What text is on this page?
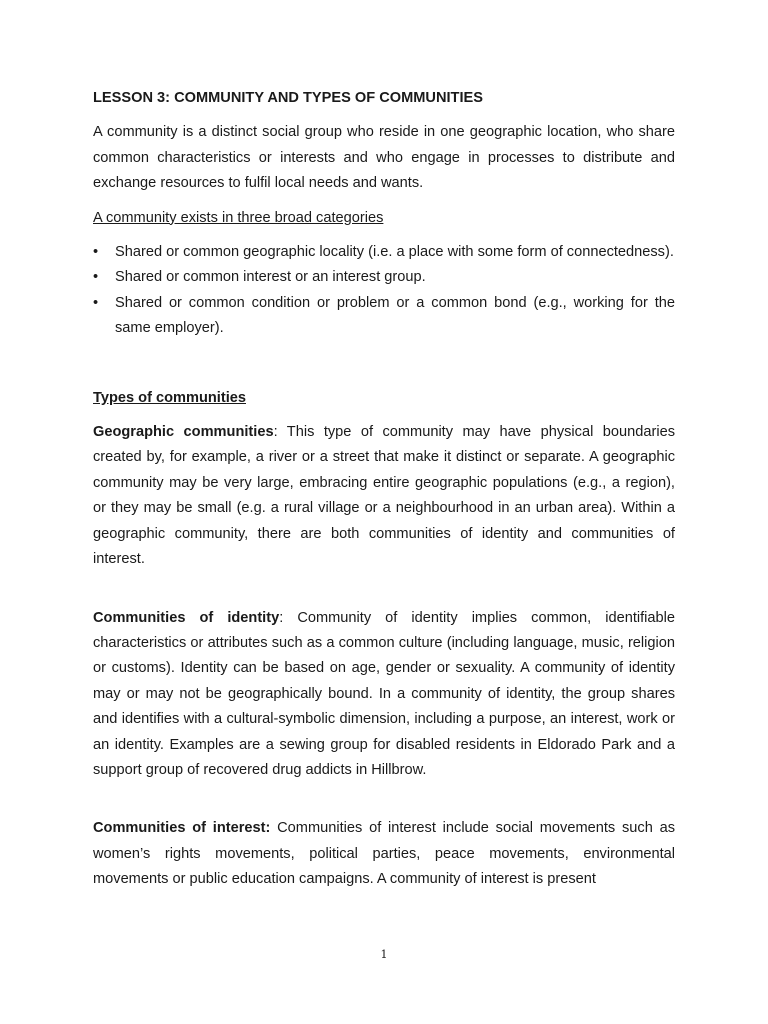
LESSON 3: COMMUNITY AND TYPES OF COMMUNITIES

A community is a distinct social group who reside in one geographic location, who share common characteristics or interests and who engage in processes to distribute and exchange resources to fulfil local needs and wants.

A community exists in three broad categories

• Shared or common geographic locality (i.e. a place with some form of connectedness).
• Shared or common interest or an interest group.
• Shared or common condition or problem or a common bond (e.g., working for the same employer).
Types of communities

Geographic communities: This type of community may have physical boundaries created by, for example, a river or a street that make it distinct or separate. A geographic community may be very large, embracing entire geographic populations (e.g., a region), or they may be small (e.g. a rural village or a neighbourhood in an urban area). Within a geographic community, there are both communities of identity and communities of interest.

Communities of identity: Community of identity implies common, identifiable characteristics or attributes such as a common culture (including language, music, religion or customs). Identity can be based on age, gender or sexuality. A community of identity may or may not be geographically bound. In a community of identity, the group shares and identifies with a cultural-symbolic dimension, including a purpose, an interest, work or an identity. Examples are a sewing group for disabled residents in Eldorado Park and a support group of recovered drug addicts in Hillbrow.

Communities of interest: Communities of interest include social movements such as women’s rights movements, political parties, peace movements, environmental movements or public education campaigns. A community of interest is present

1
